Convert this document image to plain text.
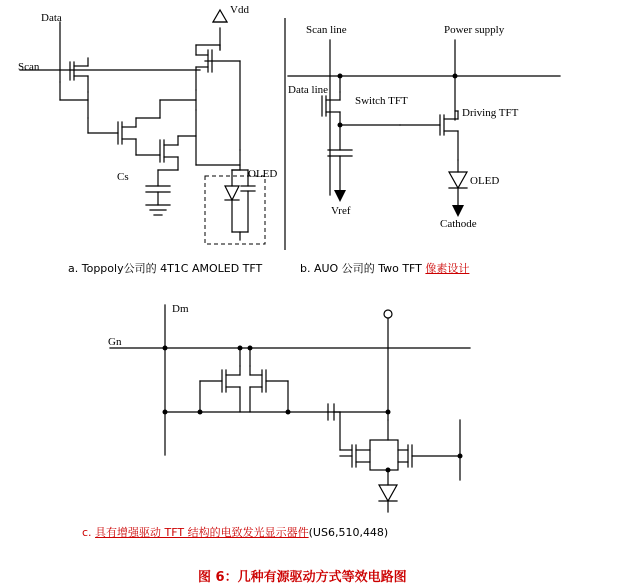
Data
Scan
Vdd
Cs	OLED
a. Toppoly公司的 4T1C AMOLED TFT
Scan line	Power supply
Data line
Switch TFT
Driving TFT
OLED
Vref
Cathode
b. AUO 公司的 Two TFT 像素设计
Dm
Gn
c. 具有增强驱动 TFT 结构的电致发光显示器件(US6,510,448)
图 6：几种有源驱动方式等效电路图
